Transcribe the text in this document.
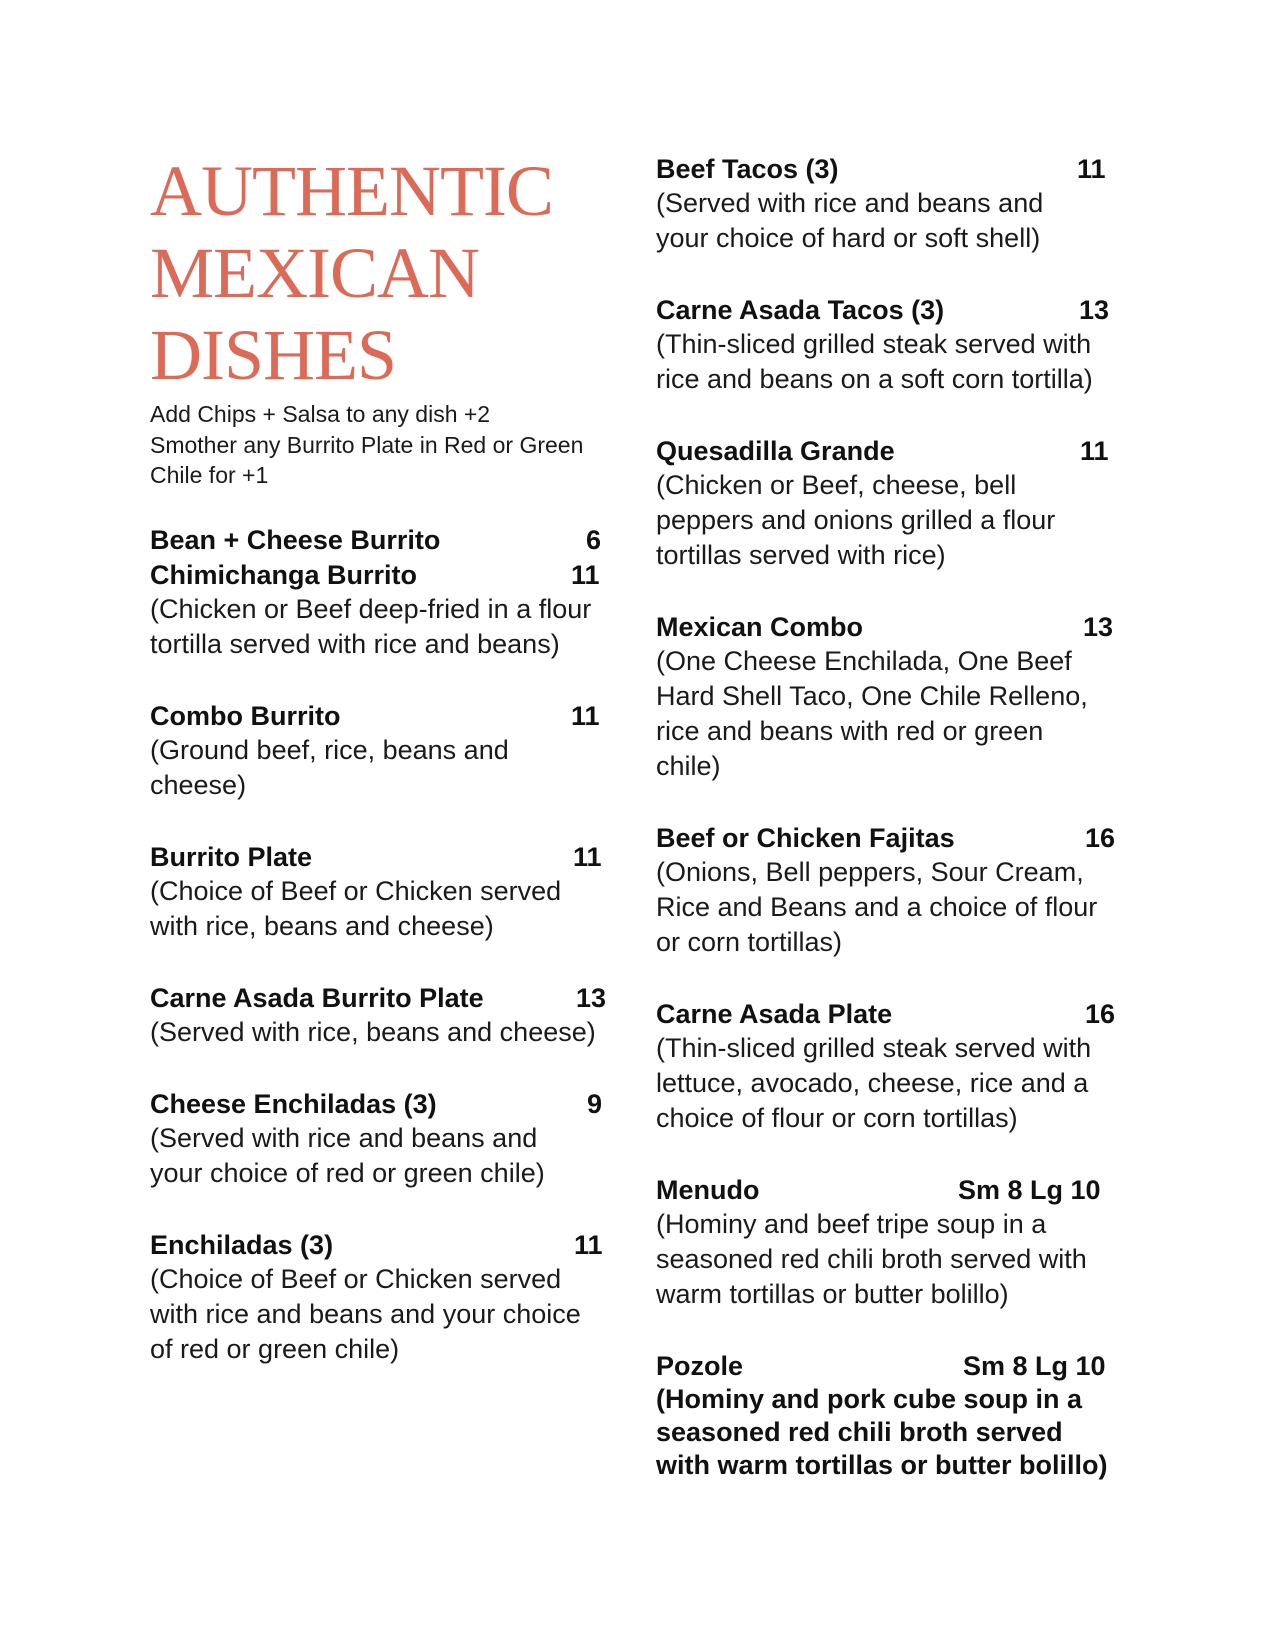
AUTHENTIC
MEXICAN
DISHES
Add Chips + Salsa to any dish +2
Smother any Burrito Plate in Red or Green
Chile for +1
Bean + Cheese Burrito	6
Chimichanga Burrito	11
(Chicken or Beef deep-fried in a flour
tortilla served with rice and beans)
Combo Burrito	11
(Ground beef, rice, beans and
cheese)
Burrito Plate	11
(Choice of Beef or Chicken served
with rice, beans and cheese)
Carne Asada Burrito Plate	13
(Served with rice, beans and cheese)
Cheese Enchiladas (3)	9
(Served with rice and beans and
your choice of red or green chile)
Enchiladas (3)	11
(Choice of Beef or Chicken served
with rice and beans and your choice
of red or green chile)
Beef Tacos (3)	11
(Served with rice and beans and
your choice of hard or soft shell)
Carne Asada Tacos (3)	13
(Thin-sliced grilled steak served with
rice and beans on a soft corn tortilla)
Quesadilla Grande	11
(Chicken or Beef, cheese, bell
peppers and onions grilled a flour
tortillas served with rice)
Mexican Combo	13
(One Cheese Enchilada, One Beef
Hard Shell Taco, One Chile Relleno,
rice and beans with red or green
chile)
Beef or Chicken Fajitas	16
(Onions, Bell peppers, Sour Cream,
Rice and Beans and a choice of flour
or corn tortillas)
Carne Asada Plate	16
(Thin-sliced grilled steak served with
lettuce, avocado, cheese, rice and a
choice of flour or corn tortillas)
Menudo	Sm 8 Lg 10
(Hominy and beef tripe soup in a
seasoned red chili broth served with
warm tortillas or butter bolillo)
Pozole	Sm 8 Lg 10
(Hominy and pork cube soup in a
seasoned red chili broth served
with warm tortillas or butter bolillo)
